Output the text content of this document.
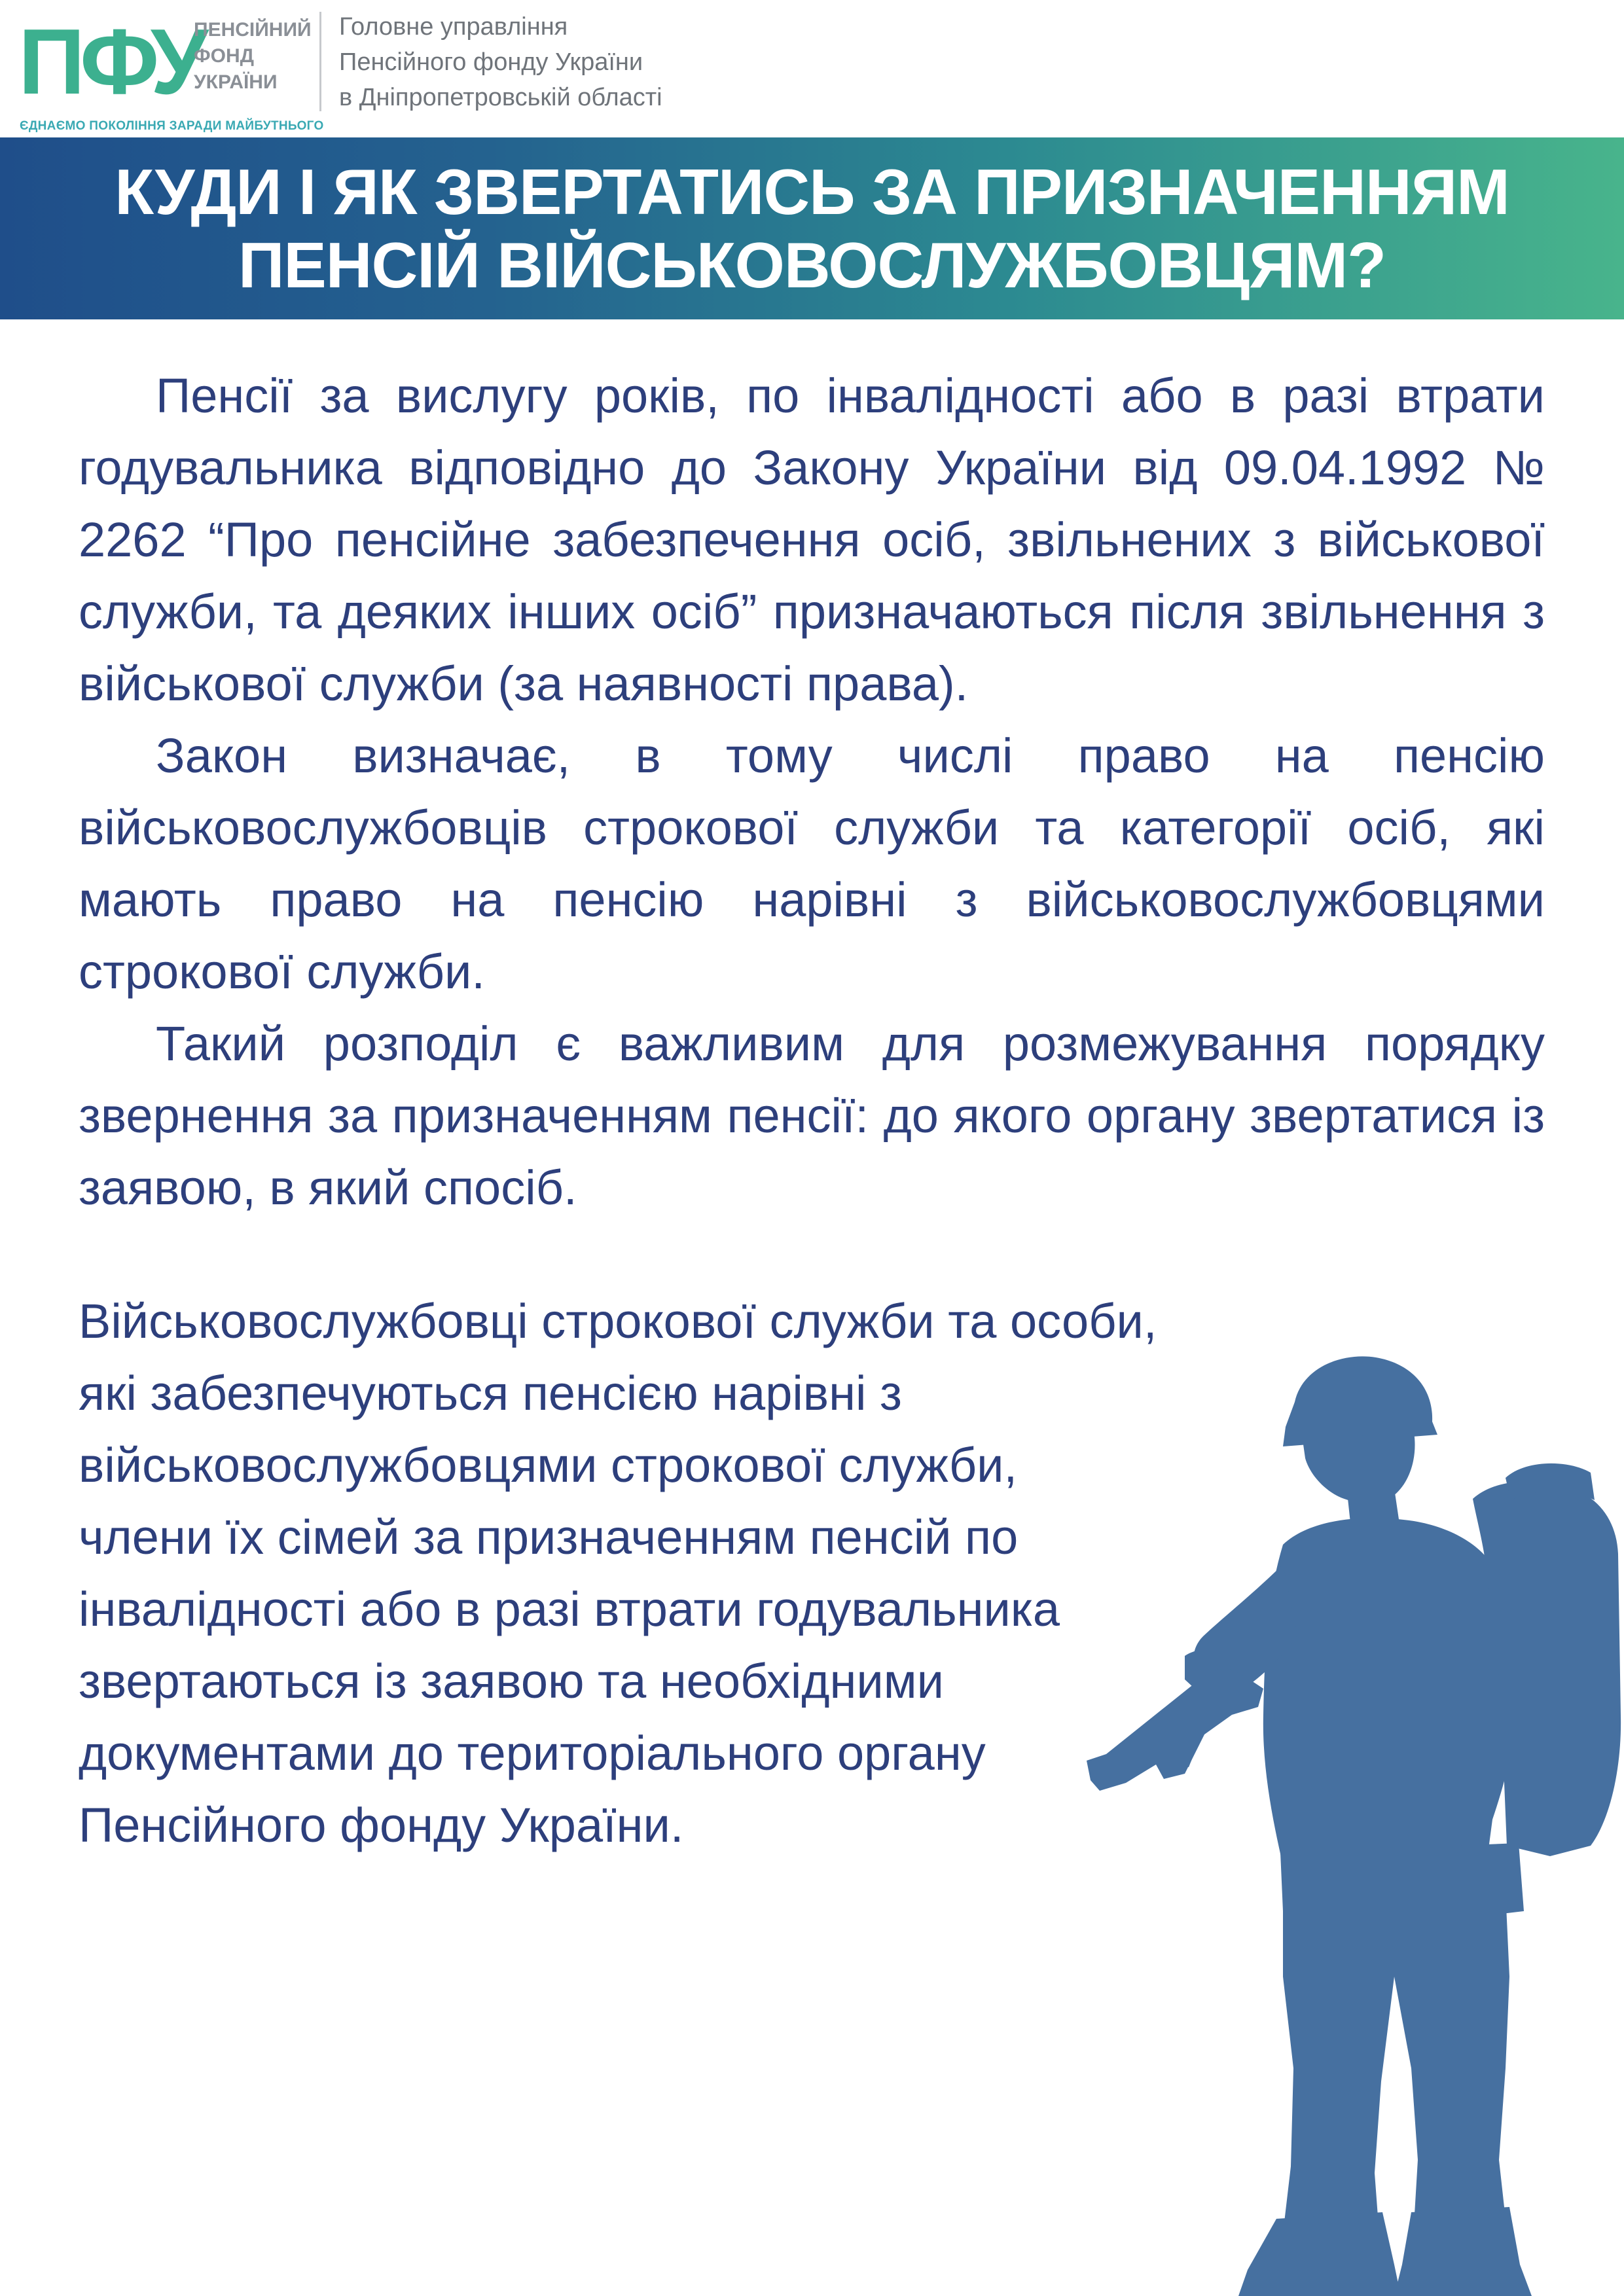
ПФУ
ПЕНСІЙНИЙ
ФОНД
УКРАЇНИ
ЄДНАЄМО ПОКОЛІННЯ ЗАРАДИ МАЙБУТНЬОГО
Головне управління
Пенсійного фонду України
в Дніпропетровській області
КУДИ І ЯК ЗВЕРТАТИСЬ ЗА ПРИЗНАЧЕННЯМ
ПЕНСІЙ ВІЙСЬКОВОСЛУЖБОВЦЯМ?

Пенсії за вислугу років, по інвалідності або в разі втрати годувальника відповідно до Закону України від 09.04.1992 № 2262 “Про пенсійне забезпечення осіб, звільнених з військової служби, та деяких інших осіб” призначаються після звільнення з військової служби (за наявності права).

Закон визначає, в тому числі право на пенсію військовослужбовців строкової служби та категорії осіб, які мають право на пенсію нарівні з військовослужбовцями строкової служби.

Такий розподіл є важливим для розмежування порядку звернення за призначенням пенсії: до якого органу звертатися із заявою, в який спосіб.

Військовослужбовці строкової служби та особи,
які забезпечуються пенсією нарівні з
військовослужбовцями строкової служби,
члени їх сімей за призначенням пенсій по
інвалідності або в разі втрати годувальника
звертаються із заявою та необхідними
документами до територіального органу
Пенсійного фонду України.
